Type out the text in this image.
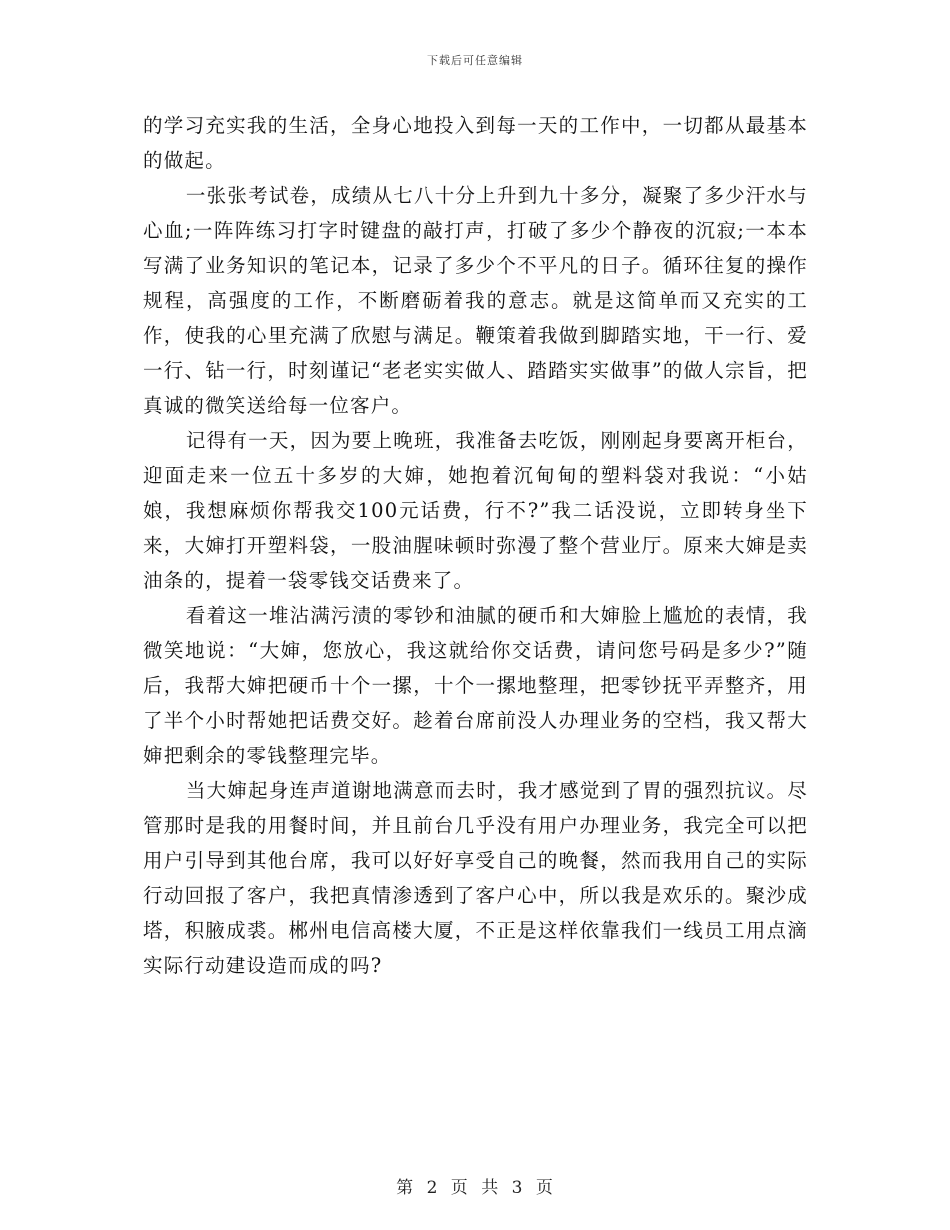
下载后可任意编辑

的学习充实我的生活，全身心地投入到每一天的工作中，一切都从最基本的做起。

一张张考试卷，成绩从七八十分上升到九十多分，凝聚了多少汗水与心血;一阵阵练习打字时键盘的敲打声，打破了多少个静夜的沉寂;一本本写满了业务知识的笔记本，记录了多少个不平凡的日子。循环往复的操作规程，高强度的工作，不断磨砺着我的意志。就是这简单而又充实的工作，使我的心里充满了欣慰与满足。鞭策着我做到脚踏实地，干一行、爱一行、钻一行，时刻谨记“老老实实做人、踏踏实实做事”的做人宗旨，把真诚的微笑送给每一位客户。

记得有一天，因为要上晚班，我准备去吃饭，刚刚起身要离开柜台，迎面走来一位五十多岁的大婶，她抱着沉甸甸的塑料袋对我说：“小姑娘，我想麻烦你帮我交100元话费，行不?”我二话没说，立即转身坐下来，大婶打开塑料袋，一股油腥味顿时弥漫了整个营业厅。原来大婶是卖油条的，提着一袋零钱交话费来了。

看着这一堆沾满污渍的零钞和油腻的硬币和大婶脸上尴尬的表情，我微笑地说：“大婶，您放心，我这就给你交话费，请问您号码是多少?”随后，我帮大婶把硬币十个一摞，十个一摞地整理，把零钞抚平弄整齐，用了半个小时帮她把话费交好。趁着台席前没人办理业务的空档，我又帮大婶把剩余的零钱整理完毕。

当大婶起身连声道谢地满意而去时，我才感觉到了胃的强烈抗议。尽管那时是我的用餐时间，并且前台几乎没有用户办理业务，我完全可以把用户引导到其他台席，我可以好好享受自己的晚餐，然而我用自己的实际行动回报了客户，我把真情渗透到了客户心中，所以我是欢乐的。聚沙成塔，积腋成裘。郴州电信高楼大厦，不正是这样依靠我们一线员工用点滴实际行动建设造而成的吗?

第 2 页 共 3 页
